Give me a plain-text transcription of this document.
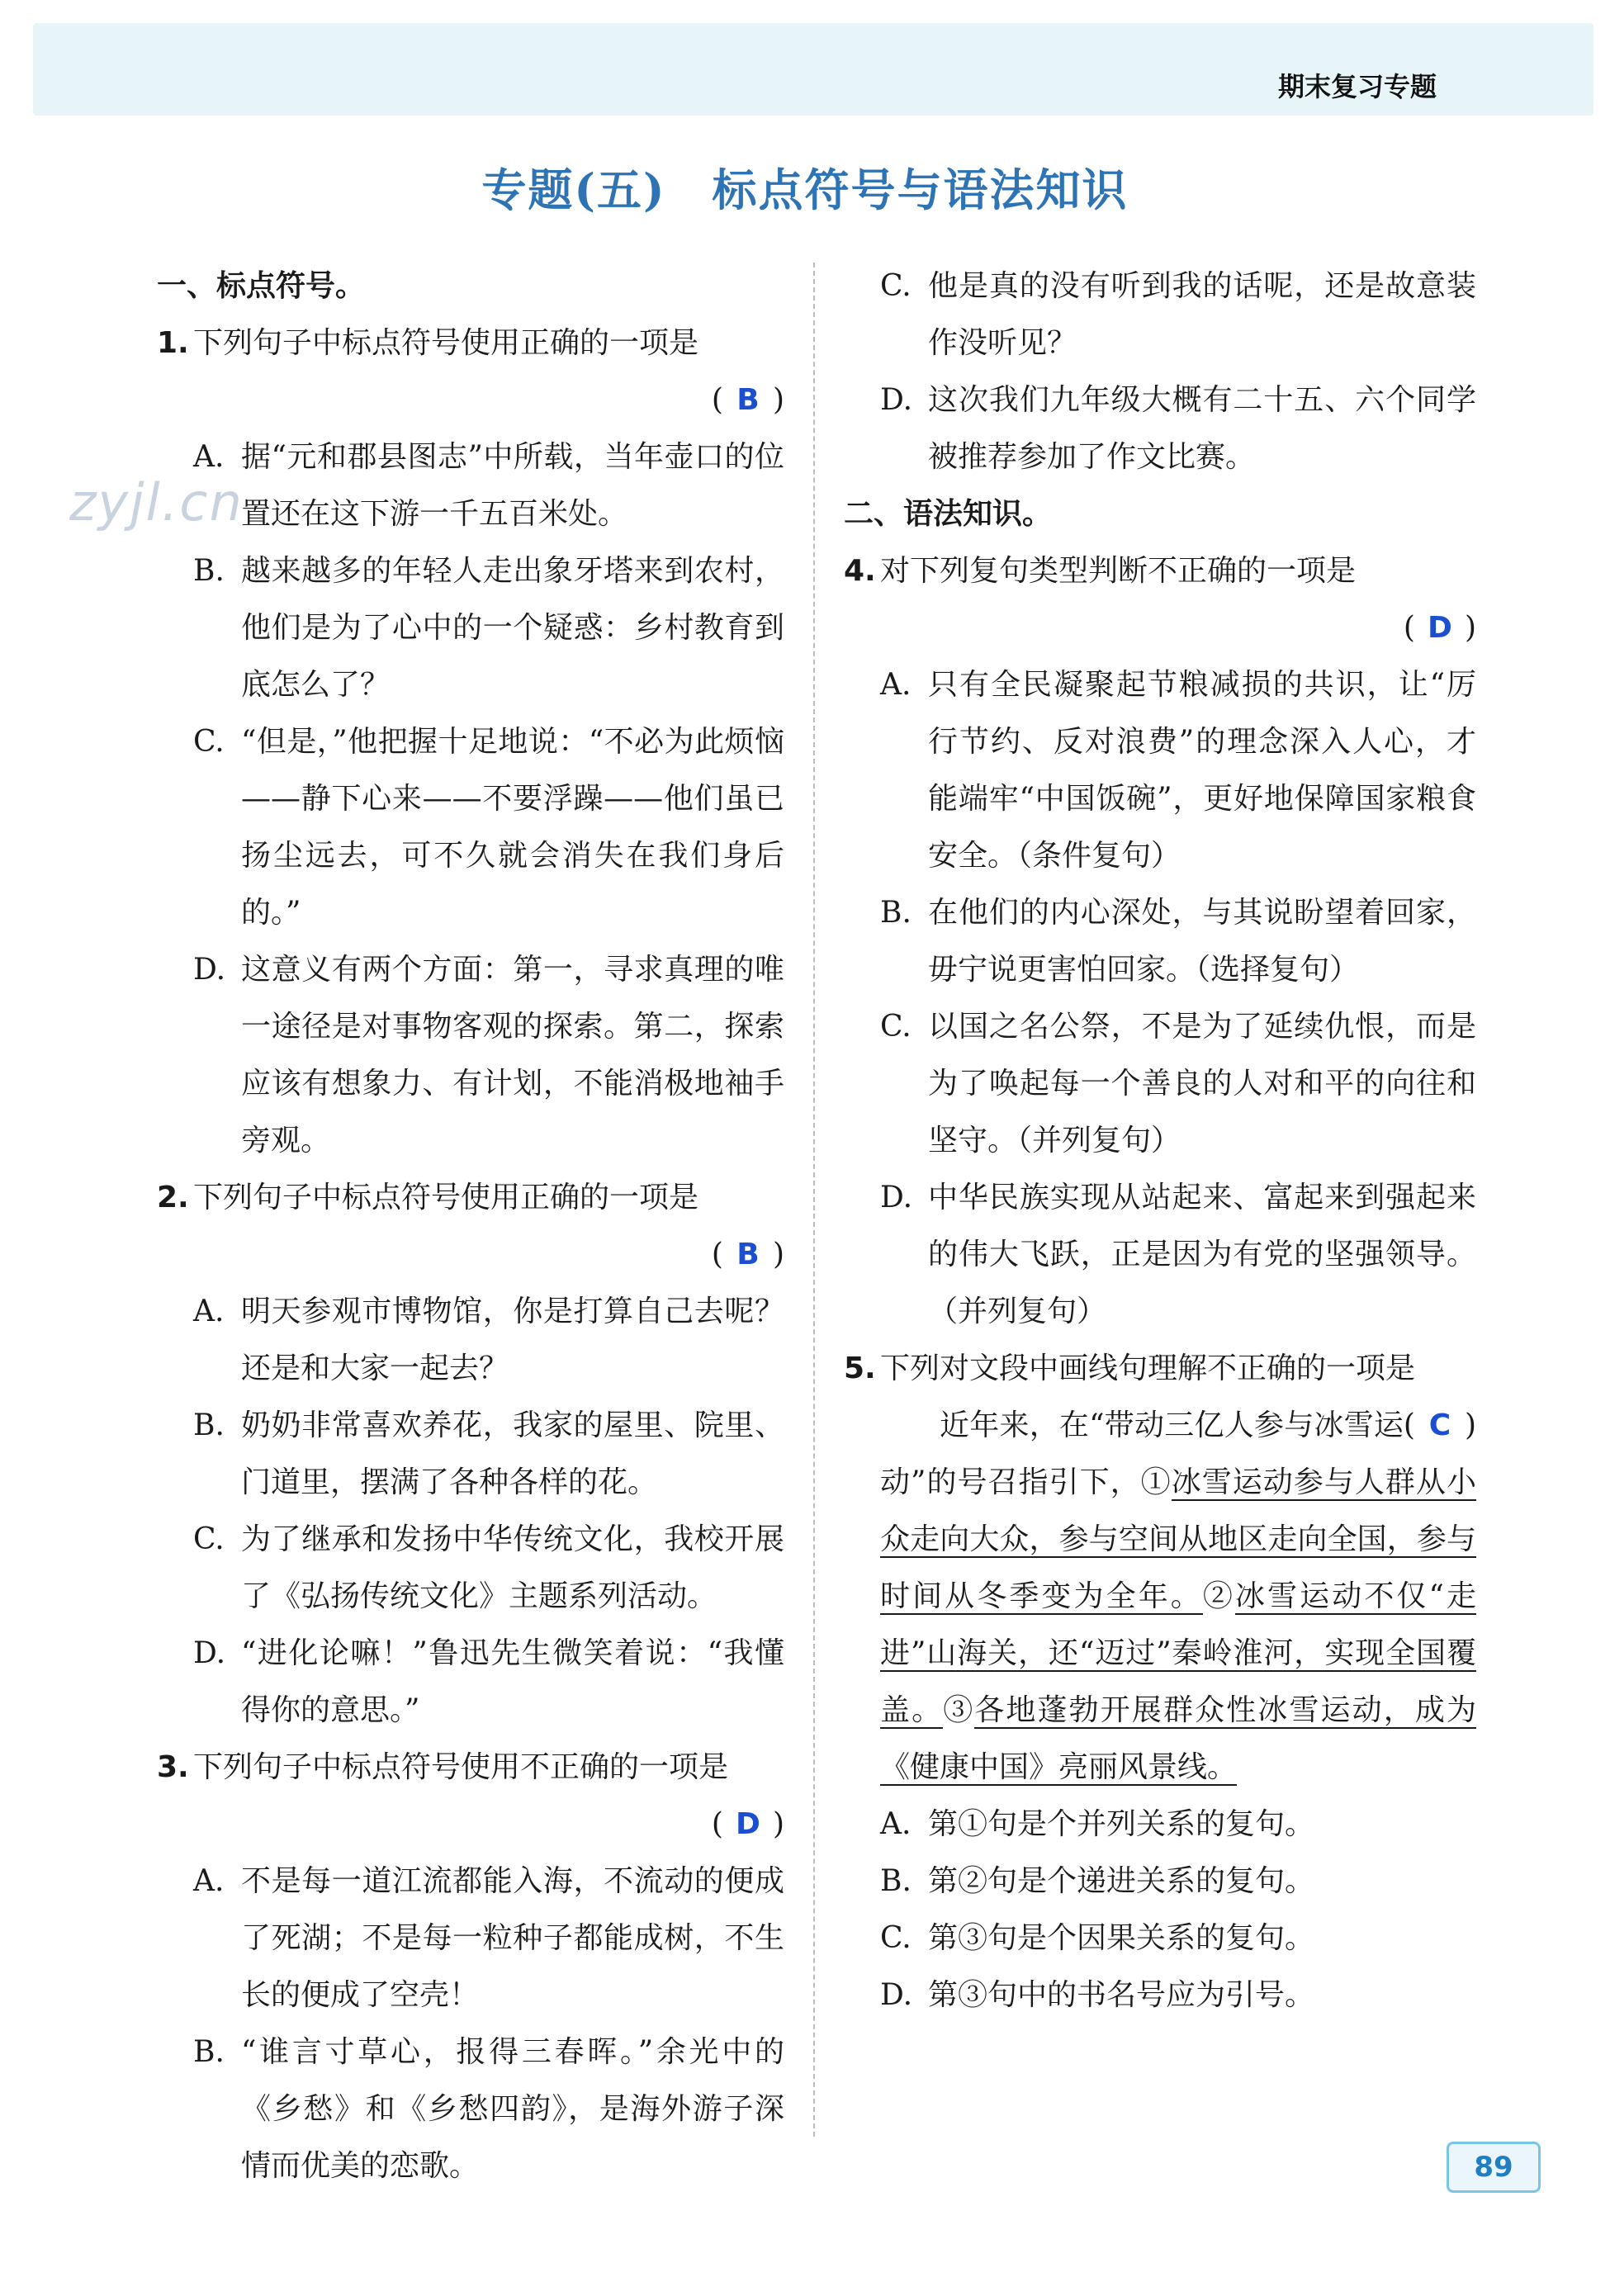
期末复习专题
zyjl.cn
专题(五)　标点符号与语法知识
一、标点符号。
1. 下列句子中标点符号使用正确的一项是
( B )
A. 据“元和郡县图志”中所载，当年壶口的位置还在这下游一千五百米处。
B. 越来越多的年轻人走出象牙塔来到农村，他们是为了心中的一个疑惑：乡村教育到底怎么了？
C. “但是，”他把握十足地说：“不必为此烦恼——静下心来——不要浮躁——他们虽已扬尘远去，可不久就会消失在我们身后的。”
D. 这意义有两个方面：第一，寻求真理的唯一途径是对事物客观的探索。第二，探索应该有想象力、有计划，不能消极地袖手旁观。
2. 下列句子中标点符号使用正确的一项是
( B )
A. 明天参观市博物馆，你是打算自己去呢？还是和大家一起去？
B. 奶奶非常喜欢养花，我家的屋里、院里、门道里，摆满了各种各样的花。
C. 为了继承和发扬中华传统文化，我校开展了《弘扬传统文化》主题系列活动。
D. “进化论嘛！”鲁迅先生微笑着说：“我懂得你的意思。”
3. 下列句子中标点符号使用不正确的一项是
( D )
A. 不是每一道江流都能入海，不流动的便成了死湖；不是每一粒种子都能成树，不生长的便成了空壳！
B. “谁言寸草心，报得三春晖。”余光中的《乡愁》和《乡愁四韵》，是海外游子深情而优美的恋歌。
C. 他是真的没有听到我的话呢，还是故意装作没听见？
D. 这次我们九年级大概有二十五、六个同学被推荐参加了作文比赛。
二、语法知识。
4. 对下列复句类型判断不正确的一项是
( D )
A. 只有全民凝聚起节粮减损的共识，让“厉行节约、反对浪费”的理念深入人心，才能端牢“中国饭碗”，更好地保障国家粮食安全。（条件复句）
B. 在他们的内心深处，与其说盼望着回家，毋宁说更害怕回家。（选择复句）
C. 以国之名公祭，不是为了延续仇恨，而是为了唤起每一个善良的人对和平的向往和坚守。（并列复句）
D. 中华民族实现从站起来、富起来到强起来的伟大飞跃，正是因为有党的坚强领导。（并列复句）
5. 下列对文段中画线句理解不正确的一项是
( C )
近年来，在“带动三亿人参与冰雪运动”的号召指引下，①冰雪运动参与人群从小众走向大众，参与空间从地区走向全国，参与时间从冬季变为全年。②冰雪运动不仅“走进”山海关，还“迈过”秦岭淮河，实现全国覆盖。③各地蓬勃开展群众性冰雪运动，成为《健康中国》亮丽风景线。
A. 第①句是个并列关系的复句。
B. 第②句是个递进关系的复句。
C. 第③句是个因果关系的复句。
D. 第③句中的书名号应为引号。
89
